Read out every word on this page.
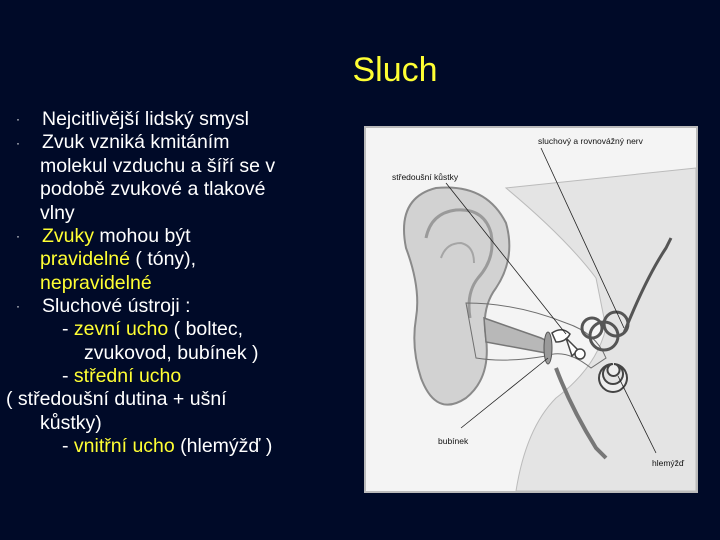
Sluch
· Nejcitlivější lidský smysl
· Zvuk vzniká kmitáním
molekul vzduchu a šíří se v
podobě zvukové a tlakové
vlny
· Zvuky mohou být
pravidelné ( tóny),
nepravidelné
· Sluchové ústroji :
- zevní ucho ( boltec,
zvukovod, bubínek )
- střední ucho
( středoušní dutina + ušní
kůstky)
- vnitřní ucho (hlemýžď )
sluchový a rovnovážný nerv
středoušní kůstky
bubínek
hlemýžď
